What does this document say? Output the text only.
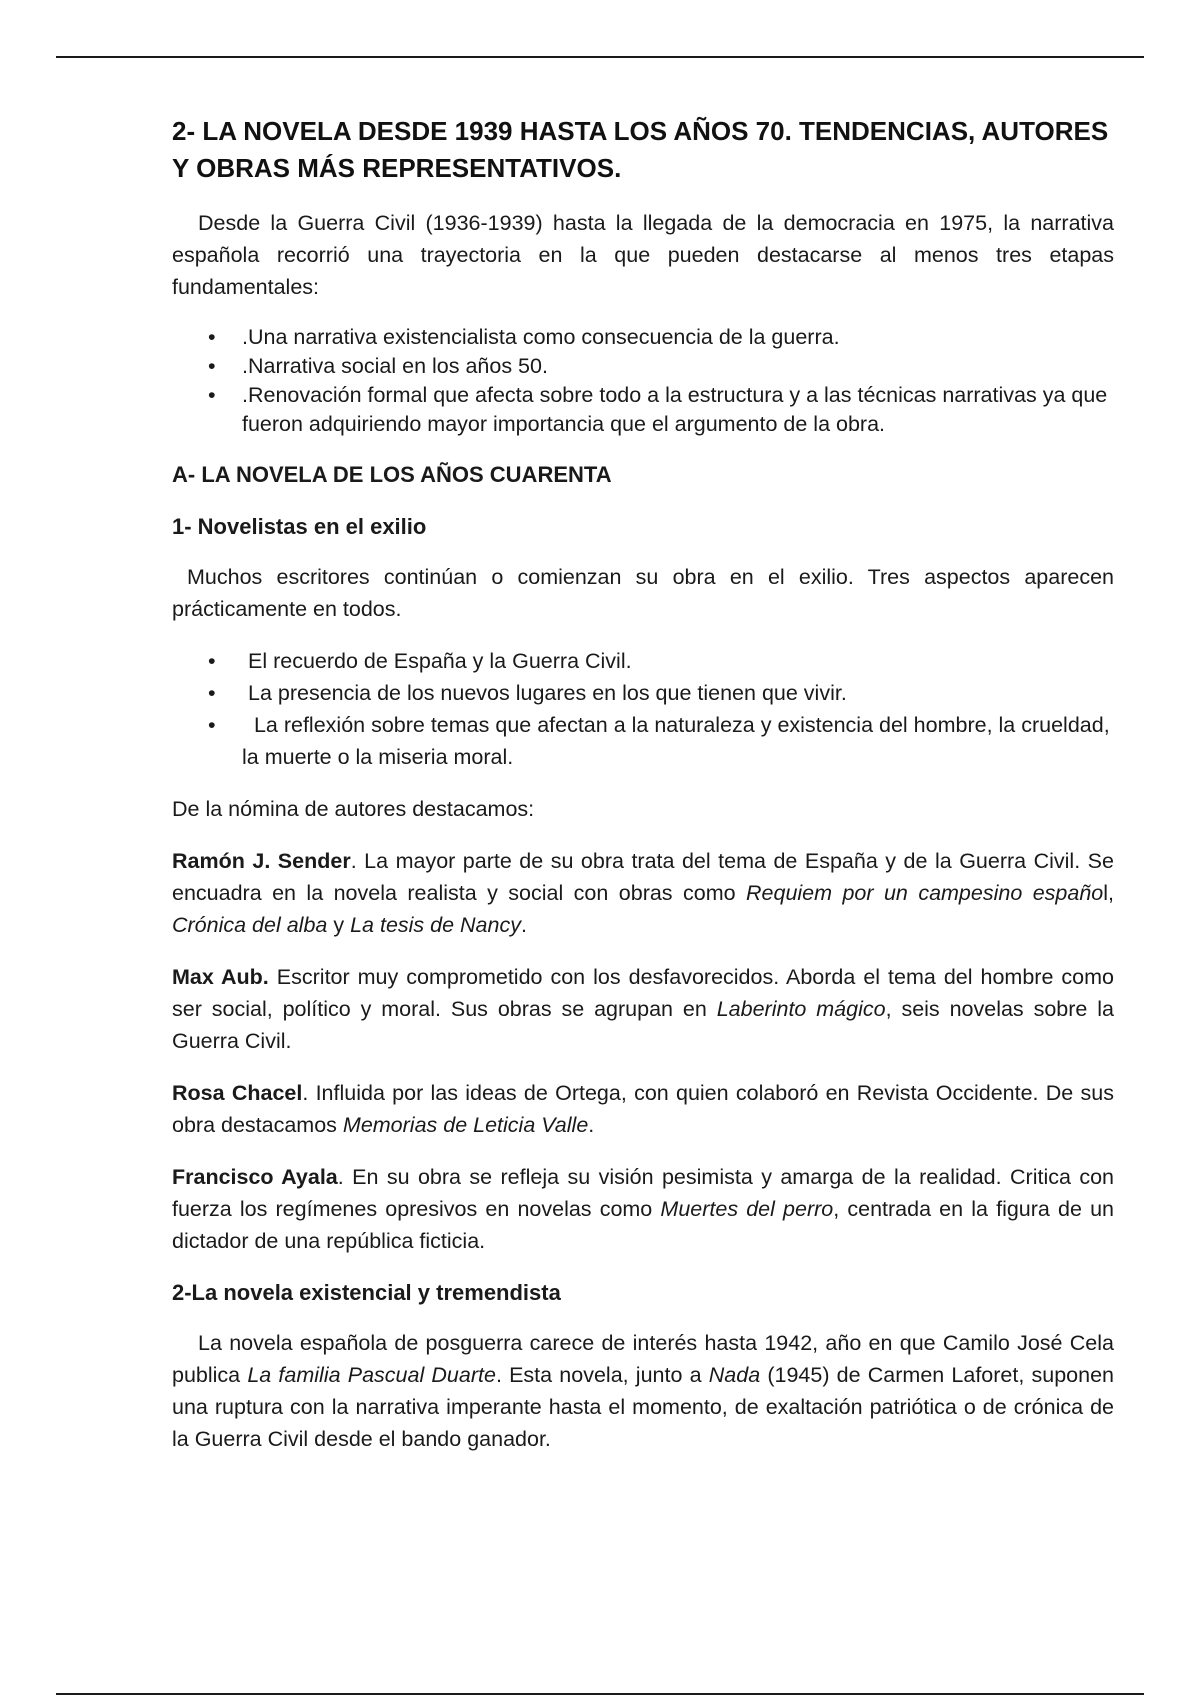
2- LA NOVELA DESDE 1939 HASTA LOS AÑOS 70. TENDENCIAS, AUTORES Y OBRAS MÁS REPRESENTATIVOS.

Desde la Guerra Civil (1936-1939) hasta la llegada de la democracia en 1975, la narrativa española recorrió una trayectoria en la que pueden destacarse al menos tres etapas fundamentales:

• .Una narrativa existencialista como consecuencia de la guerra.
• .Narrativa social en los años 50.
• .Renovación formal que afecta sobre todo a la estructura y a las técnicas narrativas ya que fueron adquiriendo mayor importancia que el argumento de la obra.
A- LA NOVELA DE LOS AÑOS CUARENTA
1- Novelistas en el exilio

Muchos escritores continúan o comienzan su obra en el exilio. Tres aspectos aparecen prácticamente en todos.

• El recuerdo de España y la Guerra Civil.
• La presencia de los nuevos lugares en los que tienen que vivir.
• La reflexión sobre temas que afectan a la naturaleza y existencia del hombre, la crueldad, la muerte o la miseria moral.

De la nómina de autores destacamos:

Ramón J. Sender. La mayor parte de su obra trata del tema de España y de la Guerra Civil. Se encuadra en la novela realista y social con obras como Requiem por un campesino español, Crónica del alba y La tesis de Nancy.

Max Aub. Escritor muy comprometido con los desfavorecidos. Aborda el tema del hombre como ser social, político y moral. Sus obras se agrupan en Laberinto mágico, seis novelas sobre la Guerra Civil.

Rosa Chacel. Influida por las ideas de Ortega, con quien colaboró en Revista Occidente. De sus obra destacamos Memorias de Leticia Valle.

Francisco Ayala. En su obra se refleja su visión pesimista y amarga de la realidad. Critica con fuerza los regímenes opresivos en novelas como Muertes del perro, centrada en la figura de un dictador de una república ficticia.

2-La novela existencial y tremendista

La novela española de posguerra carece de interés hasta 1942, año en que Camilo José Cela publica La familia Pascual Duarte. Esta novela, junto a Nada (1945) de Carmen Laforet, suponen una ruptura con la narrativa imperante hasta el momento, de exaltación patriótica o de crónica de la Guerra Civil desde el bando ganador.
